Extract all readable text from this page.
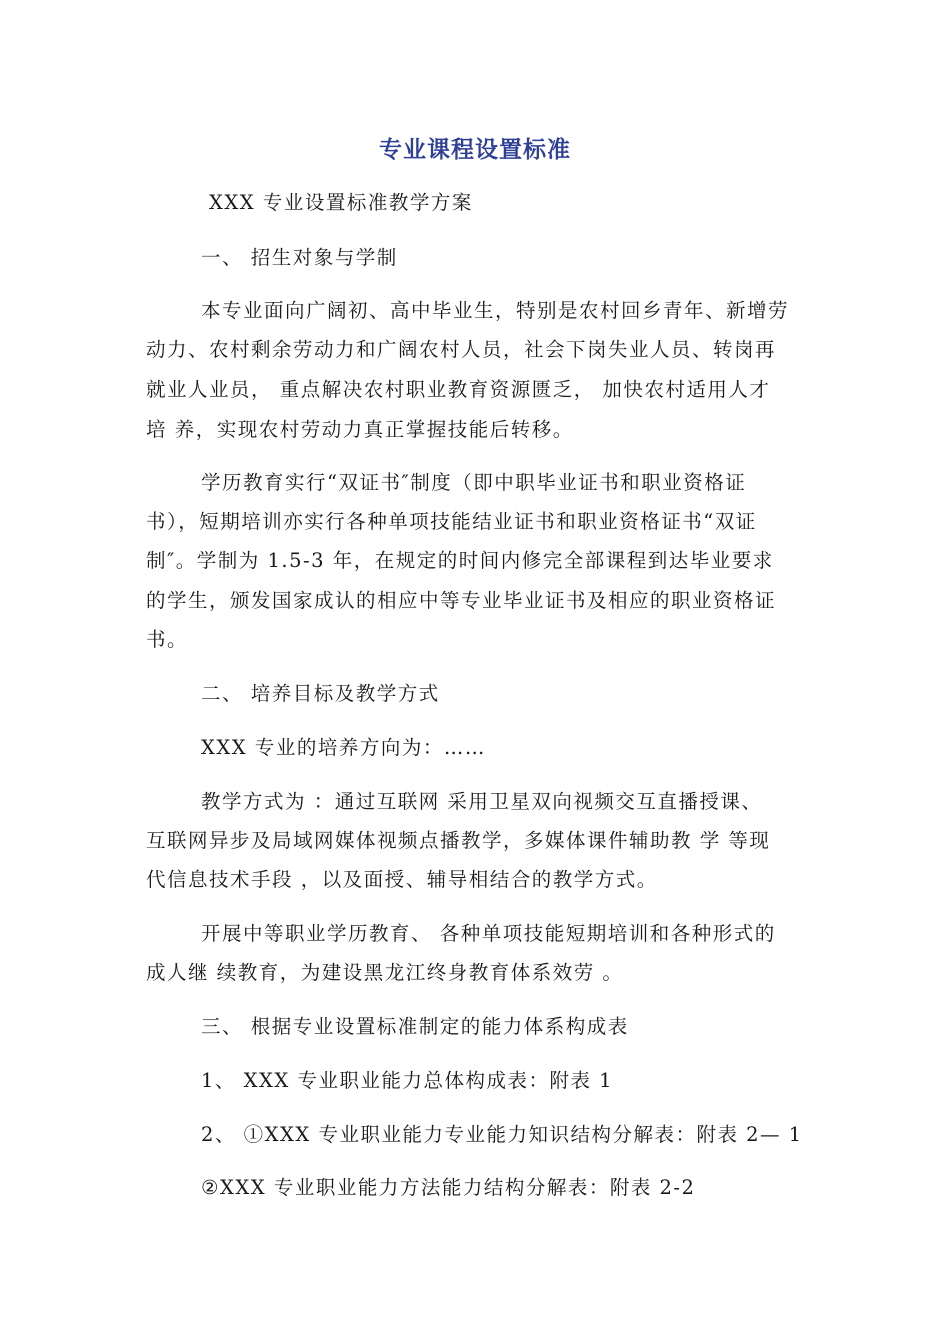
专业课程设置标准
XXX 专业设置标准教学方案
一、 招生对象与学制
本专业面向广阔初、高中毕业生，特别是农村回乡青年、新增劳
动力、农村剩余劳动力和广阔农村人员，社会下岗失业人员、转岗再
就业人业员， 重点解决农村职业教育资源匮乏， 加快农村适用人才
培 养，实现农村劳动力真正掌握技能后转移。
学历教育实行“双证书″制度（即中职毕业证书和职业资格证
书），短期培训亦实行各种单项技能结业证书和职业资格证书“双证
制″。学制为 1.5-3 年，在规定的时间内修完全部课程到达毕业要求
的学生，颁发国家成认的相应中等专业毕业证书及相应的职业资格证
书。
二、 培养目标及教学方式
XXX 专业的培养方向为：……
教学方式为 ：通过互联网 采用卫星双向视频交互直播授课、
互联网异步及局域网媒体视频点播教学，多媒体课件辅助教 学 等现
代信息技术手段 ，以及面授、辅导相结合的教学方式。
开展中等职业学历教育、 各种单项技能短期培训和各种形式的
成人继 续教育，为建设黑龙江终身教育体系效劳 。
三、 根据专业设置标准制定的能力体系构成表
1、 XXX 专业职业能力总体构成表：附表 1
2、 ①XXX 专业职业能力专业能力知识结构分解表：附表 2— 1
②XXX 专业职业能力方法能力结构分解表：附表 2-2
